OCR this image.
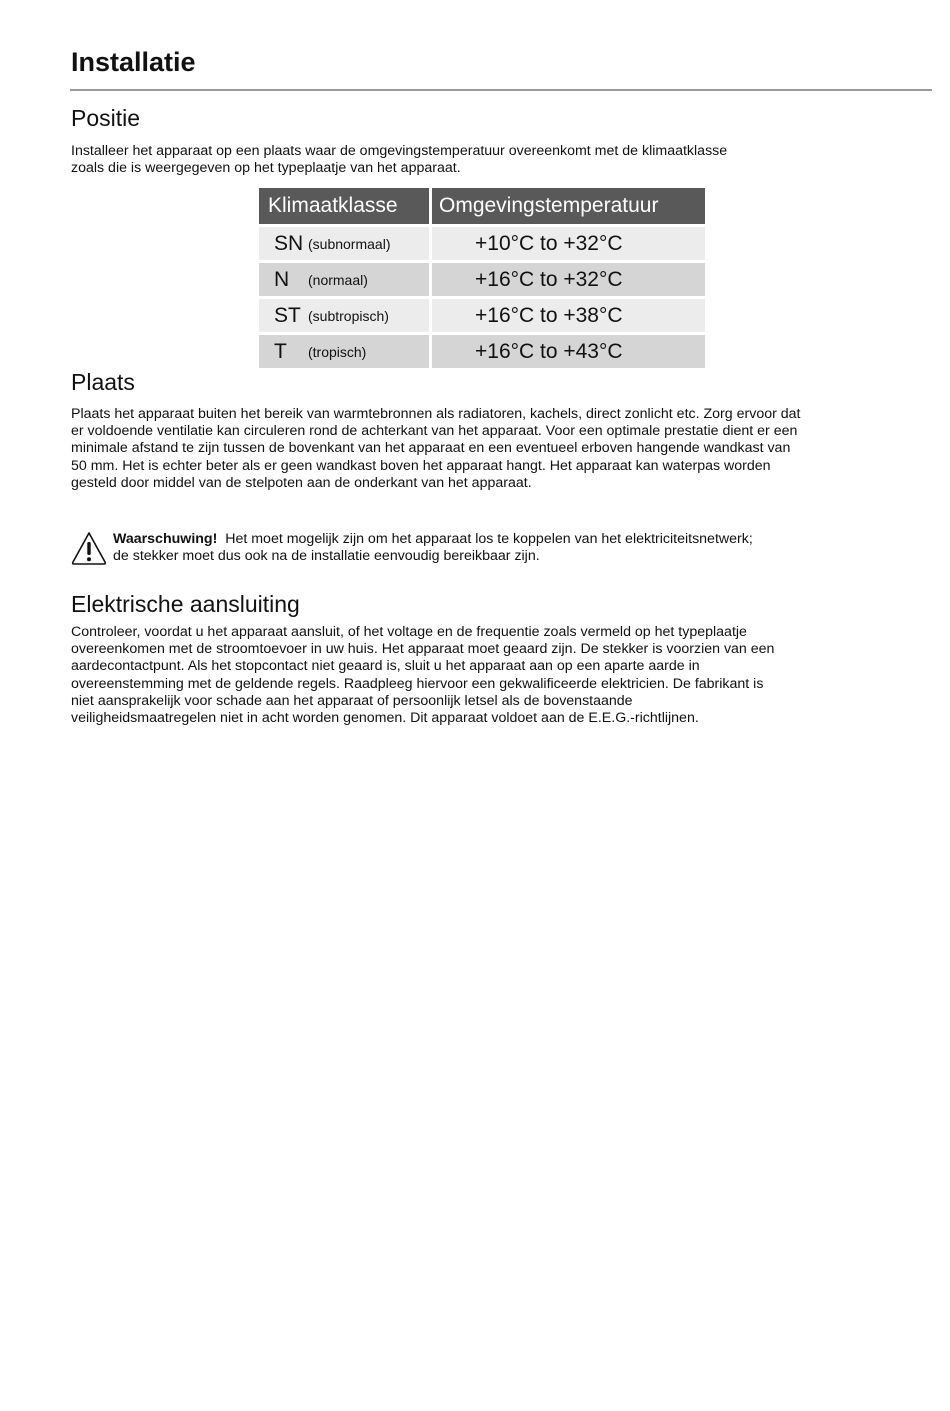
Installatie
Positie

Installeer het apparaat op een plaats waar de omgevingstemperatuur overeenkomt met de klimaatklasse
zoals die is weergegeven op het typeplaatje van het apparaat.

Klimaatklasse	Omgevingstemperatuur
SN (subnormaal)	+10°C to +32°C

N (normaal)	+16°C to +32°C

ST (subtropisch)	+16°C to +38°C

T (tropisch)	+16°C to +43°C
Plaats

Plaats het apparaat buiten het bereik van warmtebronnen als radiatoren, kachels, direct zonlicht etc. Zorg ervoor dat
er voldoende ventilatie kan circuleren rond de achterkant van het apparaat. Voor een optimale prestatie dient er een
minimale afstand te zijn tussen de bovenkant van het apparaat en een eventueel erboven hangende wandkast van
50 mm. Het is echter beter als er geen wandkast boven het apparaat hangt. Het apparaat kan waterpas worden
gesteld door middel van de stelpoten aan de onderkant van het apparaat.

Waarschuwing! Het moet mogelijk zijn om het apparaat los te koppelen van het elektriciteitsnetwerk;
de stekker moet dus ook na de installatie eenvoudig bereikbaar zijn.

Elektrische aansluiting

Controleer, voordat u het apparaat aansluit, of het voltage en de frequentie zoals vermeld op het typeplaatje
overeenkomen met de stroomtoevoer in uw huis. Het apparaat moet geaard zijn. De stekker is voorzien van een
aardecontactpunt. Als het stopcontact niet geaard is, sluit u het apparaat aan op een aparte aarde in
overeenstemming met de geldende regels. Raadpleeg hiervoor een gekwalificeerde elektricien. De fabrikant is
niet aansprakelijk voor schade aan het apparaat of persoonlijk letsel als de bovenstaande
veiligheidsmaatregelen niet in acht worden genomen. Dit apparaat voldoet aan de E.E.G.-richtlijnen.
